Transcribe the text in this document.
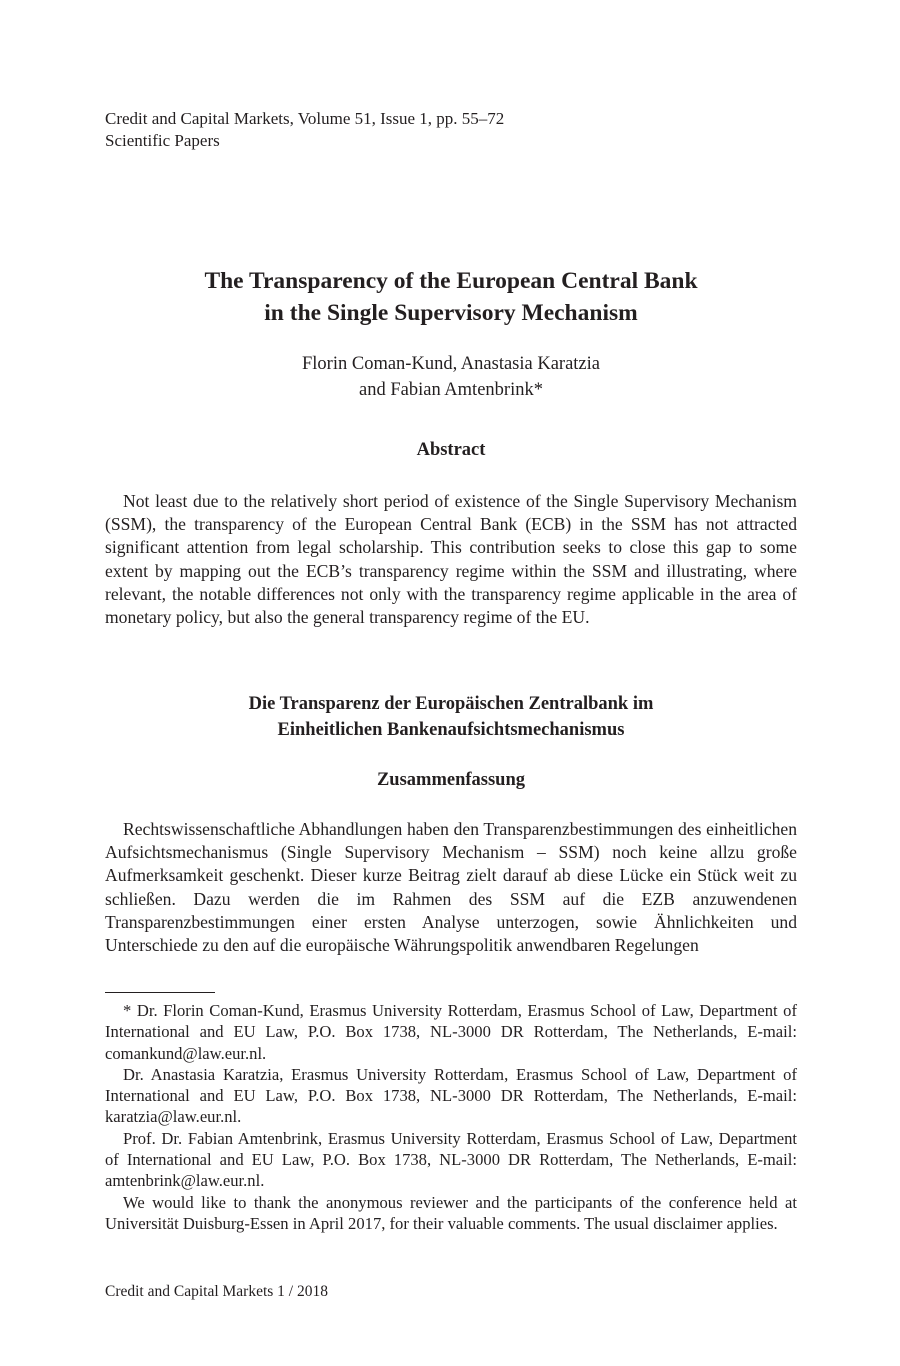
Credit and Capital Markets, Volume 51, Issue 1, pp. 55–72
Scientific Papers
The Transparency of the European Central Bank
in the Single Supervisory Mechanism
Florin Coman-Kund, Anastasia Karatzia
and Fabian Amtenbrink*
Abstract
Not least due to the relatively short period of existence of the Single Supervisory Mechanism (SSM), the transparency of the European Central Bank (ECB) in the SSM has not attracted significant attention from legal scholarship. This contribution seeks to close this gap to some extent by mapping out the ECB’s transparency regime within the SSM and illustrating, where relevant, the notable differences not only with the transparency regime applicable in the area of monetary policy, but also the general transparency regime of the EU.
Die Transparenz der Europäischen Zentralbank im
Einheitlichen Bankenaufsichtsmechanismus
Zusammenfassung
Rechtswissenschaftliche Abhandlungen haben den Transparenzbestimmungen des einheitlichen Aufsichtsmechanismus (Single Supervisory Mechanism – SSM) noch keine allzu große Aufmerksamkeit geschenkt. Dieser kurze Beitrag zielt darauf ab diese Lücke ein Stück weit zu schließen. Dazu werden die im Rahmen des SSM auf die EZB anzuwendenen Transparenzbestimmungen einer ersten Analyse unterzogen, sowie Ähnlichkeiten und Unterschiede zu den auf die europäische Währungspolitik anwendbaren Regelungen

* Dr. Florin Coman-Kund, Erasmus University Rotterdam, Erasmus School of Law, Department of International and EU Law, P.O. Box 1738, NL-3000 DR Rotterdam, The Netherlands, E-mail: comankund@law.eur.nl.

Dr. Anastasia Karatzia, Erasmus University Rotterdam, Erasmus School of Law, Department of International and EU Law, P.O. Box 1738, NL-3000 DR Rotterdam, The Netherlands, E-mail: karatzia@law.eur.nl.

Prof. Dr. Fabian Amtenbrink, Erasmus University Rotterdam, Erasmus School of Law, Department of International and EU Law, P.O. Box 1738, NL-3000 DR Rotterdam, The Netherlands, E-mail: amtenbrink@law.eur.nl.

We would like to thank the anonymous reviewer and the participants of the conference held at Universität Duisburg-Essen in April 2017, for their valuable comments. The usual disclaimer applies.

Credit and Capital Markets 1 / 2018
